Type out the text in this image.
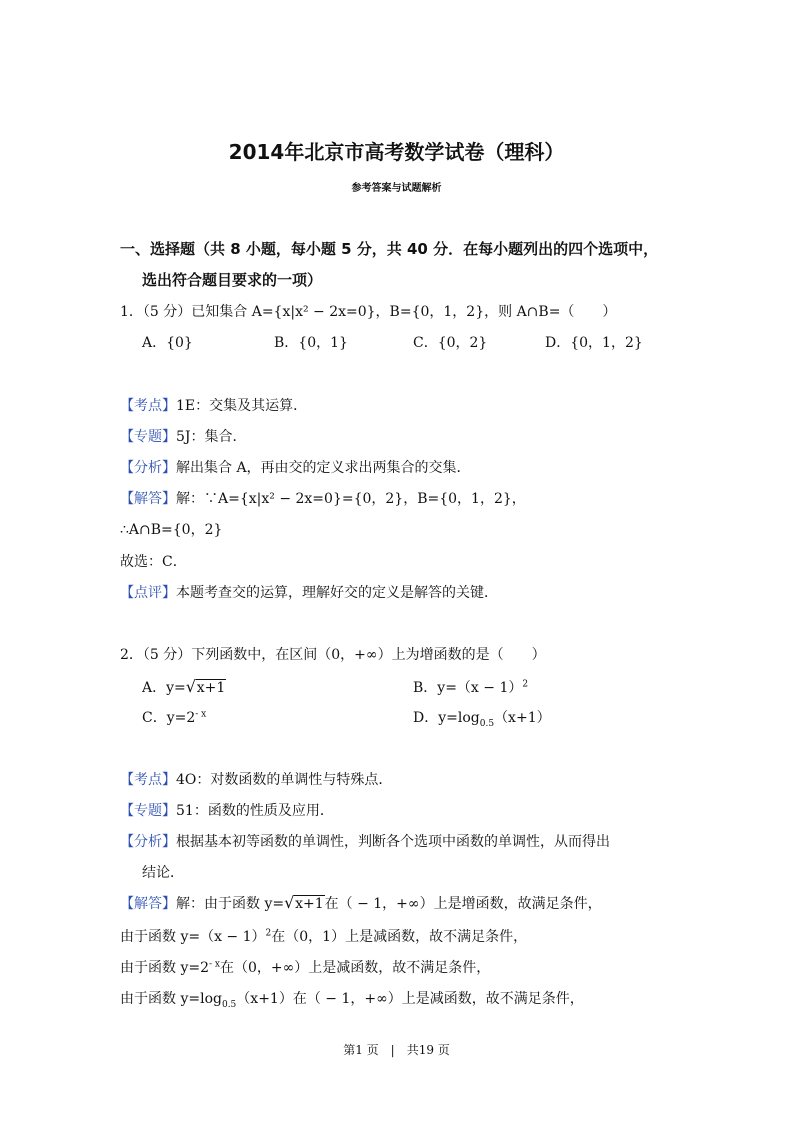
2014年北京市高考数学试卷（理科）
参考答案与试题解析
一、选择题（共 8 小题，每小题 5 分，共 40 分．在每小题列出的四个选项中，
选出符合题目要求的一项）
1．（5 分）已知集合 A={x|x² − 2x=0}，B={0，1，2}，则 A∩B=（　　）
A．{0}	B．{0，1}	C．{0，2}	D．{0，1，2}
【考点】1E：交集及其运算．
【专题】5J：集合．
【分析】解出集合 A，再由交的定义求出两集合的交集．
【解答】解：∵A={x|x² − 2x=0}={0，2}，B={0，1，2}，
∴A∩B={0，2}
故选：C．
【点评】本题考查交的运算，理解好交的定义是解答的关键．
2．（5 分）下列函数中，在区间（0，+∞）上为增函数的是（　　）
A．y= √ x+1	B．$y=(x - 1)^2$
C．$y=2^{- x}$	D．$y=\log_{0.5}(x+1)$
【考点】4O：对数函数的单调性与特殊点．
【专题】51：函数的性质及应用．
【分析】根据基本初等函数的单调性，判断各个选项中函数的单调性，从而得出
结论．
【解答】解：由于函数 y= √ x+1在（ − 1，+∞）上是增函数，故满足条件，
由于函数 $y=(x - 1)^2$在（0，1）上是减函数，故不满足条件，
由于函数 $y=2^{- x}$在（0，+∞）上是减函数，故不满足条件，
由于函数 $y=\log_{0.5}(x+1)$在（ − 1，+∞）上是减函数，故不满足条件，
第1 页　|　共19 页
